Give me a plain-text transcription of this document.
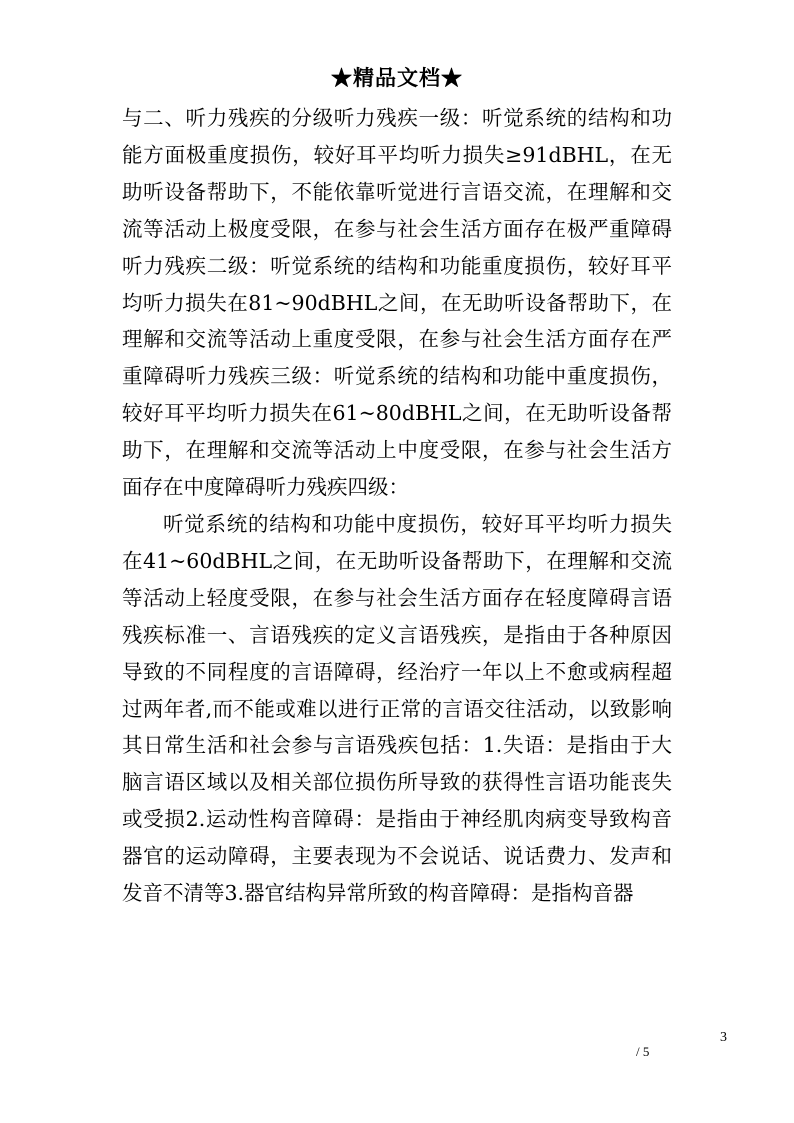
★精品文档★

与二、听力残疾的分级听力残疾一级：听觉系统的结构和功能方面极重度损伤，较好耳平均听力损失≥91dBHL，在无助听设备帮助下，不能依靠听觉进行言语交流，在理解和交流等活动上极度受限，在参与社会生活方面存在极严重障碍听力残疾二级：听觉系统的结构和功能重度损伤，较好耳平均听力损失在81~90dBHL之间，在无助听设备帮助下，在理解和交流等活动上重度受限，在参与社会生活方面存在严重障碍听力残疾三级：听觉系统的结构和功能中重度损伤，较好耳平均听力损失在61~80dBHL之间，在无助听设备帮助下，在理解和交流等活动上中度受限，在参与社会生活方面存在中度障碍听力残疾四级：

听觉系统的结构和功能中度损伤，较好耳平均听力损失在41~60dBHL之间，在无助听设备帮助下，在理解和交流等活动上轻度受限，在参与社会生活方面存在轻度障碍言语残疾标准一、言语残疾的定义言语残疾，是指由于各种原因导致的不同程度的言语障碍，经治疗一年以上不愈或病程超过两年者,而不能或难以进行正常的言语交往活动，以致影响其日常生活和社会参与言语残疾包括：1.失语：是指由于大脑言语区域以及相关部位损伤所导致的获得性言语功能丧失或受损2.运动性构音障碍：是指由于神经肌肉病变导致构音器官的运动障碍，主要表现为不会说话、说话费力、发声和发音不清等3.器官结构异常所致的构音障碍：是指构音器

3
/ 5
